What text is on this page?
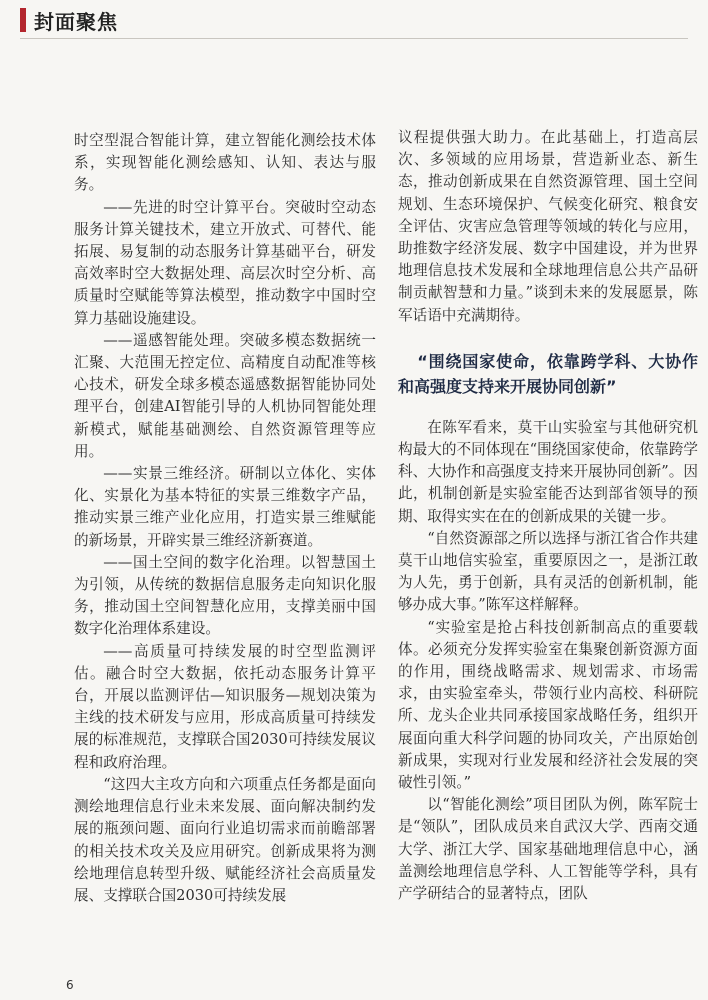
封面聚焦

时空型混合智能计算，建立智能化测绘技术体系，实现智能化测绘感知、认知、表达与服务。

——先进的时空计算平台。突破时空动态服务计算关键技术，建立开放式、可替代、能拓展、易复制的动态服务计算基础平台，研发高效率时空大数据处理、高层次时空分析、高质量时空赋能等算法模型，推动数字中国时空算力基础设施建设。

——遥感智能处理。突破多模态数据统一汇聚、大范围无控定位、高精度自动配准等核心技术，研发全球多模态遥感数据智能协同处理平台，创建AI智能引导的人机协同智能处理新模式，赋能基础测绘、自然资源管理等应用。

——实景三维经济。研制以立体化、实体化、实景化为基本特征的实景三维数字产品，推动实景三维产业化应用，打造实景三维赋能的新场景，开辟实景三维经济新赛道。

——国土空间的数字化治理。以智慧国土为引领，从传统的数据信息服务走向知识化服务，推动国土空间智慧化应用，支撑美丽中国数字化治理体系建设。

——高质量可持续发展的时空型监测评估。融合时空大数据，依托动态服务计算平台，开展以监测评估—知识服务—规划决策为主线的技术研发与应用，形成高质量可持续发展的标准规范，支撑联合国2030可持续发展议程和政府治理。

“这四大主攻方向和六项重点任务都是面向测绘地理信息行业未来发展、面向解决制约发展的瓶颈问题、面向行业追切需求而前瞻部署的相关技术攻关及应用研究。创新成果将为测绘地理信息转型升级、赋能经济社会高质量发展、支撑联合国2030可持续发展

议程提供强大助力。在此基础上，打造高层次、多领域的应用场景，营造新业态、新生态，推动创新成果在自然资源管理、国土空间规划、生态环境保护、气候变化研究、粮食安全评估、灾害应急管理等领域的转化与应用，助推数字经济发展、数字中国建设，并为世界地理信息技术发展和全球地理信息公共产品研制贡献智慧和力量。”谈到未来的发展愿景，陈军话语中充满期待。

“围绕国家使命，依靠跨学科、大协作和高强度支持来开展协同创新”

在陈军看来，莫干山实验室与其他研究机构最大的不同体现在“围绕国家使命，依靠跨学科、大协作和高强度支持来开展协同创新”。因此，机制创新是实验室能否达到部省领导的预期、取得实实在在的创新成果的关键一步。

“自然资源部之所以选择与浙江省合作共建莫干山地信实验室，重要原因之一，是浙江敢为人先，勇于创新，具有灵活的创新机制，能够办成大事。”陈军这样解释。

“实验室是抢占科技创新制高点的重要载体。必须充分发挥实验室在集聚创新资源方面的作用，围绕战略需求、规划需求、市场需求，由实验室牵头，带领行业内高校、科研院所、龙头企业共同承接国家战略任务，组织开展面向重大科学问题的协同攻关，产出原始创新成果，实现对行业发展和经济社会发展的突破性引领。”

以“智能化测绘”项目团队为例，陈军院士是“领队”，团队成员来自武汉大学、西南交通大学、浙江大学、国家基础地理信息中心，涵盖测绘地理信息学科、人工智能等学科，具有产学研结合的显著特点，团队

6
